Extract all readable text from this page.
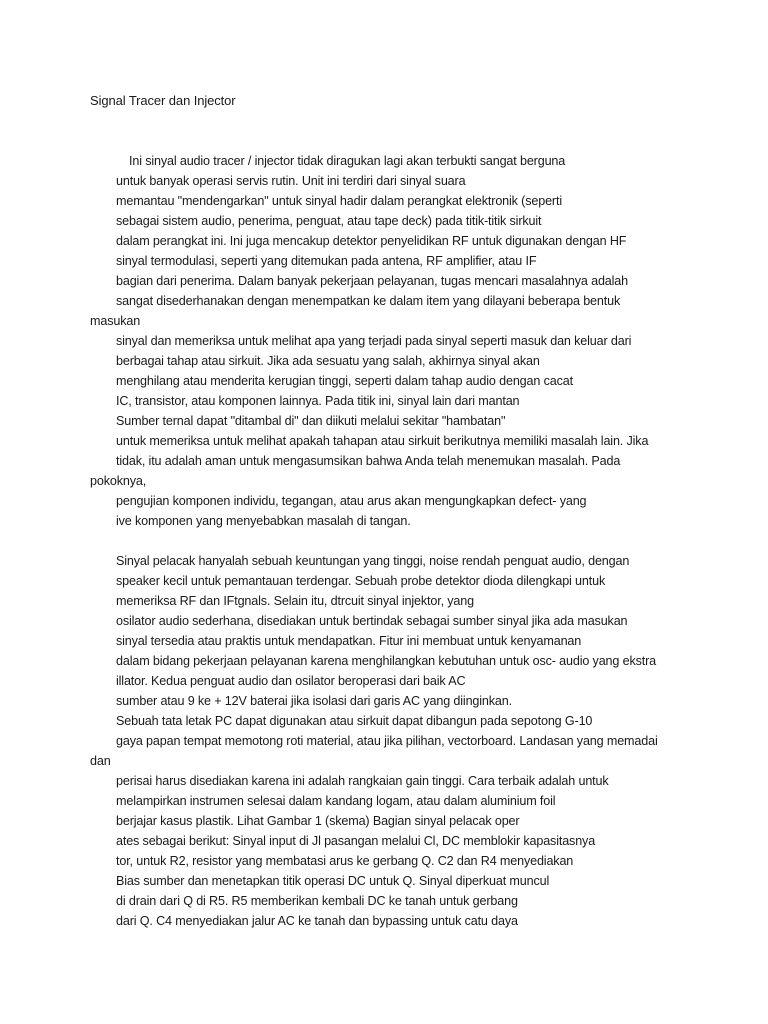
Signal Tracer dan Injector
Ini sinyal audio tracer / injector tidak diragukan lagi akan terbukti sangat berguna
untuk banyak operasi servis rutin. Unit ini terdiri dari sinyal suara
memantau "mendengarkan" untuk sinyal hadir dalam perangkat elektronik (seperti
sebagai sistem audio, penerima, penguat, atau tape deck) pada titik-titik sirkuit
dalam perangkat ini. Ini juga mencakup detektor penyelidikan RF untuk digunakan dengan HF
sinyal termodulasi, seperti yang ditemukan pada antena, RF amplifier, atau IF
bagian dari penerima. Dalam banyak pekerjaan pelayanan, tugas mencari masalahnya adalah
sangat disederhanakan dengan menempatkan ke dalam item yang dilayani beberapa bentuk
masukan
sinyal dan memeriksa untuk melihat apa yang terjadi pada sinyal seperti masuk dan keluar dari
berbagai tahap atau sirkuit. Jika ada sesuatu yang salah, akhirnya sinyal akan
menghilang atau menderita kerugian tinggi, seperti dalam tahap audio dengan cacat
IC, transistor, atau komponen lainnya. Pada titik ini, sinyal lain dari mantan
Sumber ternal dapat "ditambal di" dan diikuti melalui sekitar "hambatan"
untuk memeriksa untuk melihat apakah tahapan atau sirkuit berikutnya memiliki masalah lain. Jika
tidak, itu adalah aman untuk mengasumsikan bahwa Anda telah menemukan masalah. Pada
pokoknya,
pengujian komponen individu, tegangan, atau arus akan mengungkapkan defect- yang
ive komponen yang menyebabkan masalah di tangan.
Sinyal pelacak hanyalah sebuah keuntungan yang tinggi, noise rendah penguat audio, dengan
speaker kecil untuk pemantauan terdengar. Sebuah probe detektor dioda dilengkapi untuk
memeriksa RF dan IFtgnals. Selain itu, dtrcuit sinyal injektor, yang
osilator audio sederhana, disediakan untuk bertindak sebagai sumber sinyal jika ada masukan
sinyal tersedia atau praktis untuk mendapatkan. Fitur ini membuat untuk kenyamanan
dalam bidang pekerjaan pelayanan karena menghilangkan kebutuhan untuk osc- audio yang ekstra
illator. Kedua penguat audio dan osilator beroperasi dari baik AC
sumber atau 9 ke + 12V baterai jika isolasi dari garis AC yang diinginkan.
Sebuah tata letak PC dapat digunakan atau sirkuit dapat dibangun pada sepotong G-10
gaya papan tempat memotong roti material, atau jika pilihan, vectorboard. Landasan yang memadai
dan
perisai harus disediakan karena ini adalah rangkaian gain tinggi. Cara terbaik adalah untuk
melampirkan instrumen selesai dalam kandang logam, atau dalam aluminium foil
berjajar kasus plastik. Lihat Gambar 1 (skema) Bagian sinyal pelacak oper
ates sebagai berikut: Sinyal input di Jl pasangan melalui Cl, DC memblokir kapasitasnya
tor, untuk R2, resistor yang membatasi arus ke gerbang Q. C2 dan R4 menyediakan
Bias sumber dan menetapkan titik operasi DC untuk Q. Sinyal diperkuat muncul
di drain dari Q di R5. R5 memberikan kembali DC ke tanah untuk gerbang
dari Q. C4 menyediakan jalur AC ke tanah dan bypassing untuk catu daya
